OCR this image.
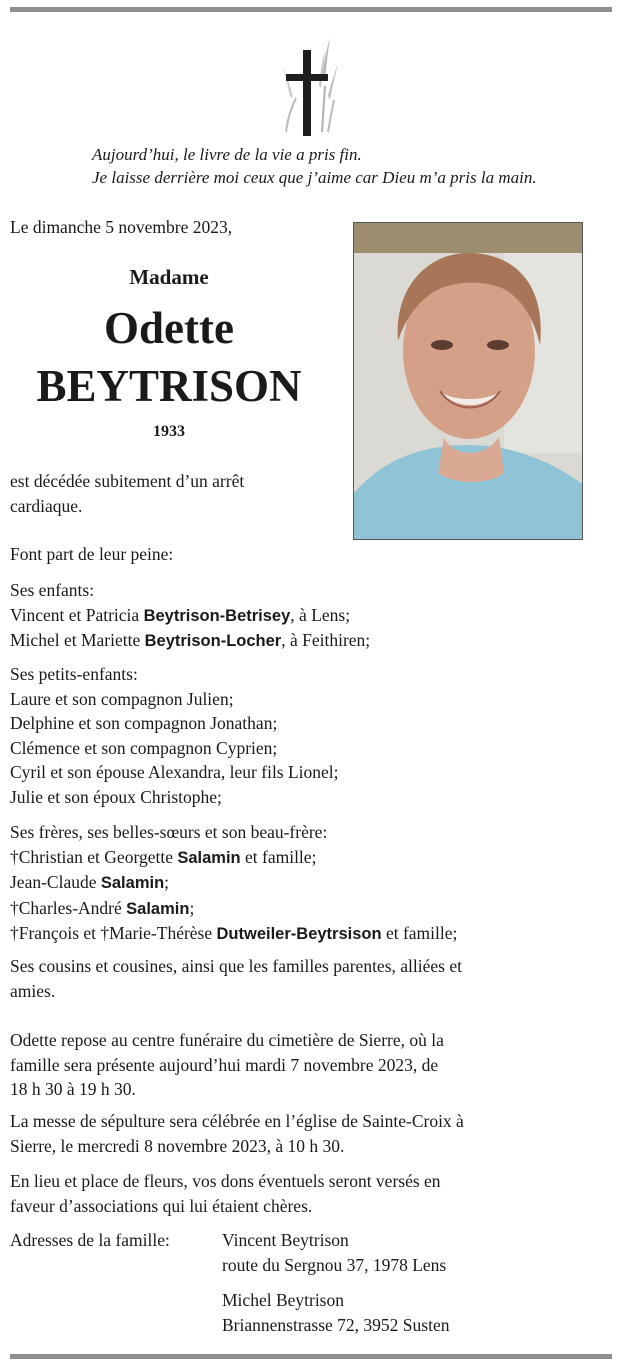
Aujourd’hui, le livre de la vie a pris fin.
Je laisse derrière moi ceux que j’aime car Dieu m’a pris la main.
Le dimanche 5 novembre 2023,
Madame
Odette
BEYTRISON
1933
est décédée subitement d’un arrêt
cardiaque.
Font part de leur peine:
Ses enfants:
Vincent et Patricia Beytrison-Betrisey, à Lens;
Michel et Mariette Beytrison-Locher, à Feithiren;
Ses petits-enfants:
Laure et son compagnon Julien;
Delphine et son compagnon Jonathan;
Clémence et son compagnon Cyprien;
Cyril et son épouse Alexandra, leur fils Lionel;
Julie et son époux Christophe;
Ses frères, ses belles-sœurs et son beau-frère:
†Christian et Georgette Salamin et famille;
Jean-Claude Salamin;
†Charles-André Salamin;
†François et †Marie-Thérèse Dutweiler-Beytrsison et famille;
Ses cousins et cousines, ainsi que les familles parentes, alliées et
amies.
Odette repose au centre funéraire du cimetière de Sierre, où la
famille sera présente aujourd’hui mardi 7 novembre 2023, de
18 h 30 à 19 h 30.
La messe de sépulture sera célébrée en l’église de Sainte-Croix à
Sierre, le mercredi 8 novembre 2023, à 10 h 30.
En lieu et place de fleurs, vos dons éventuels seront versés en
faveur d’associations qui lui étaient chères.
Adresses de la famille:	Vincent Beytrison
route du Sergnou 37, 1978 Lens
Michel Beytrison
Briannenstrasse 72, 3952 Susten
